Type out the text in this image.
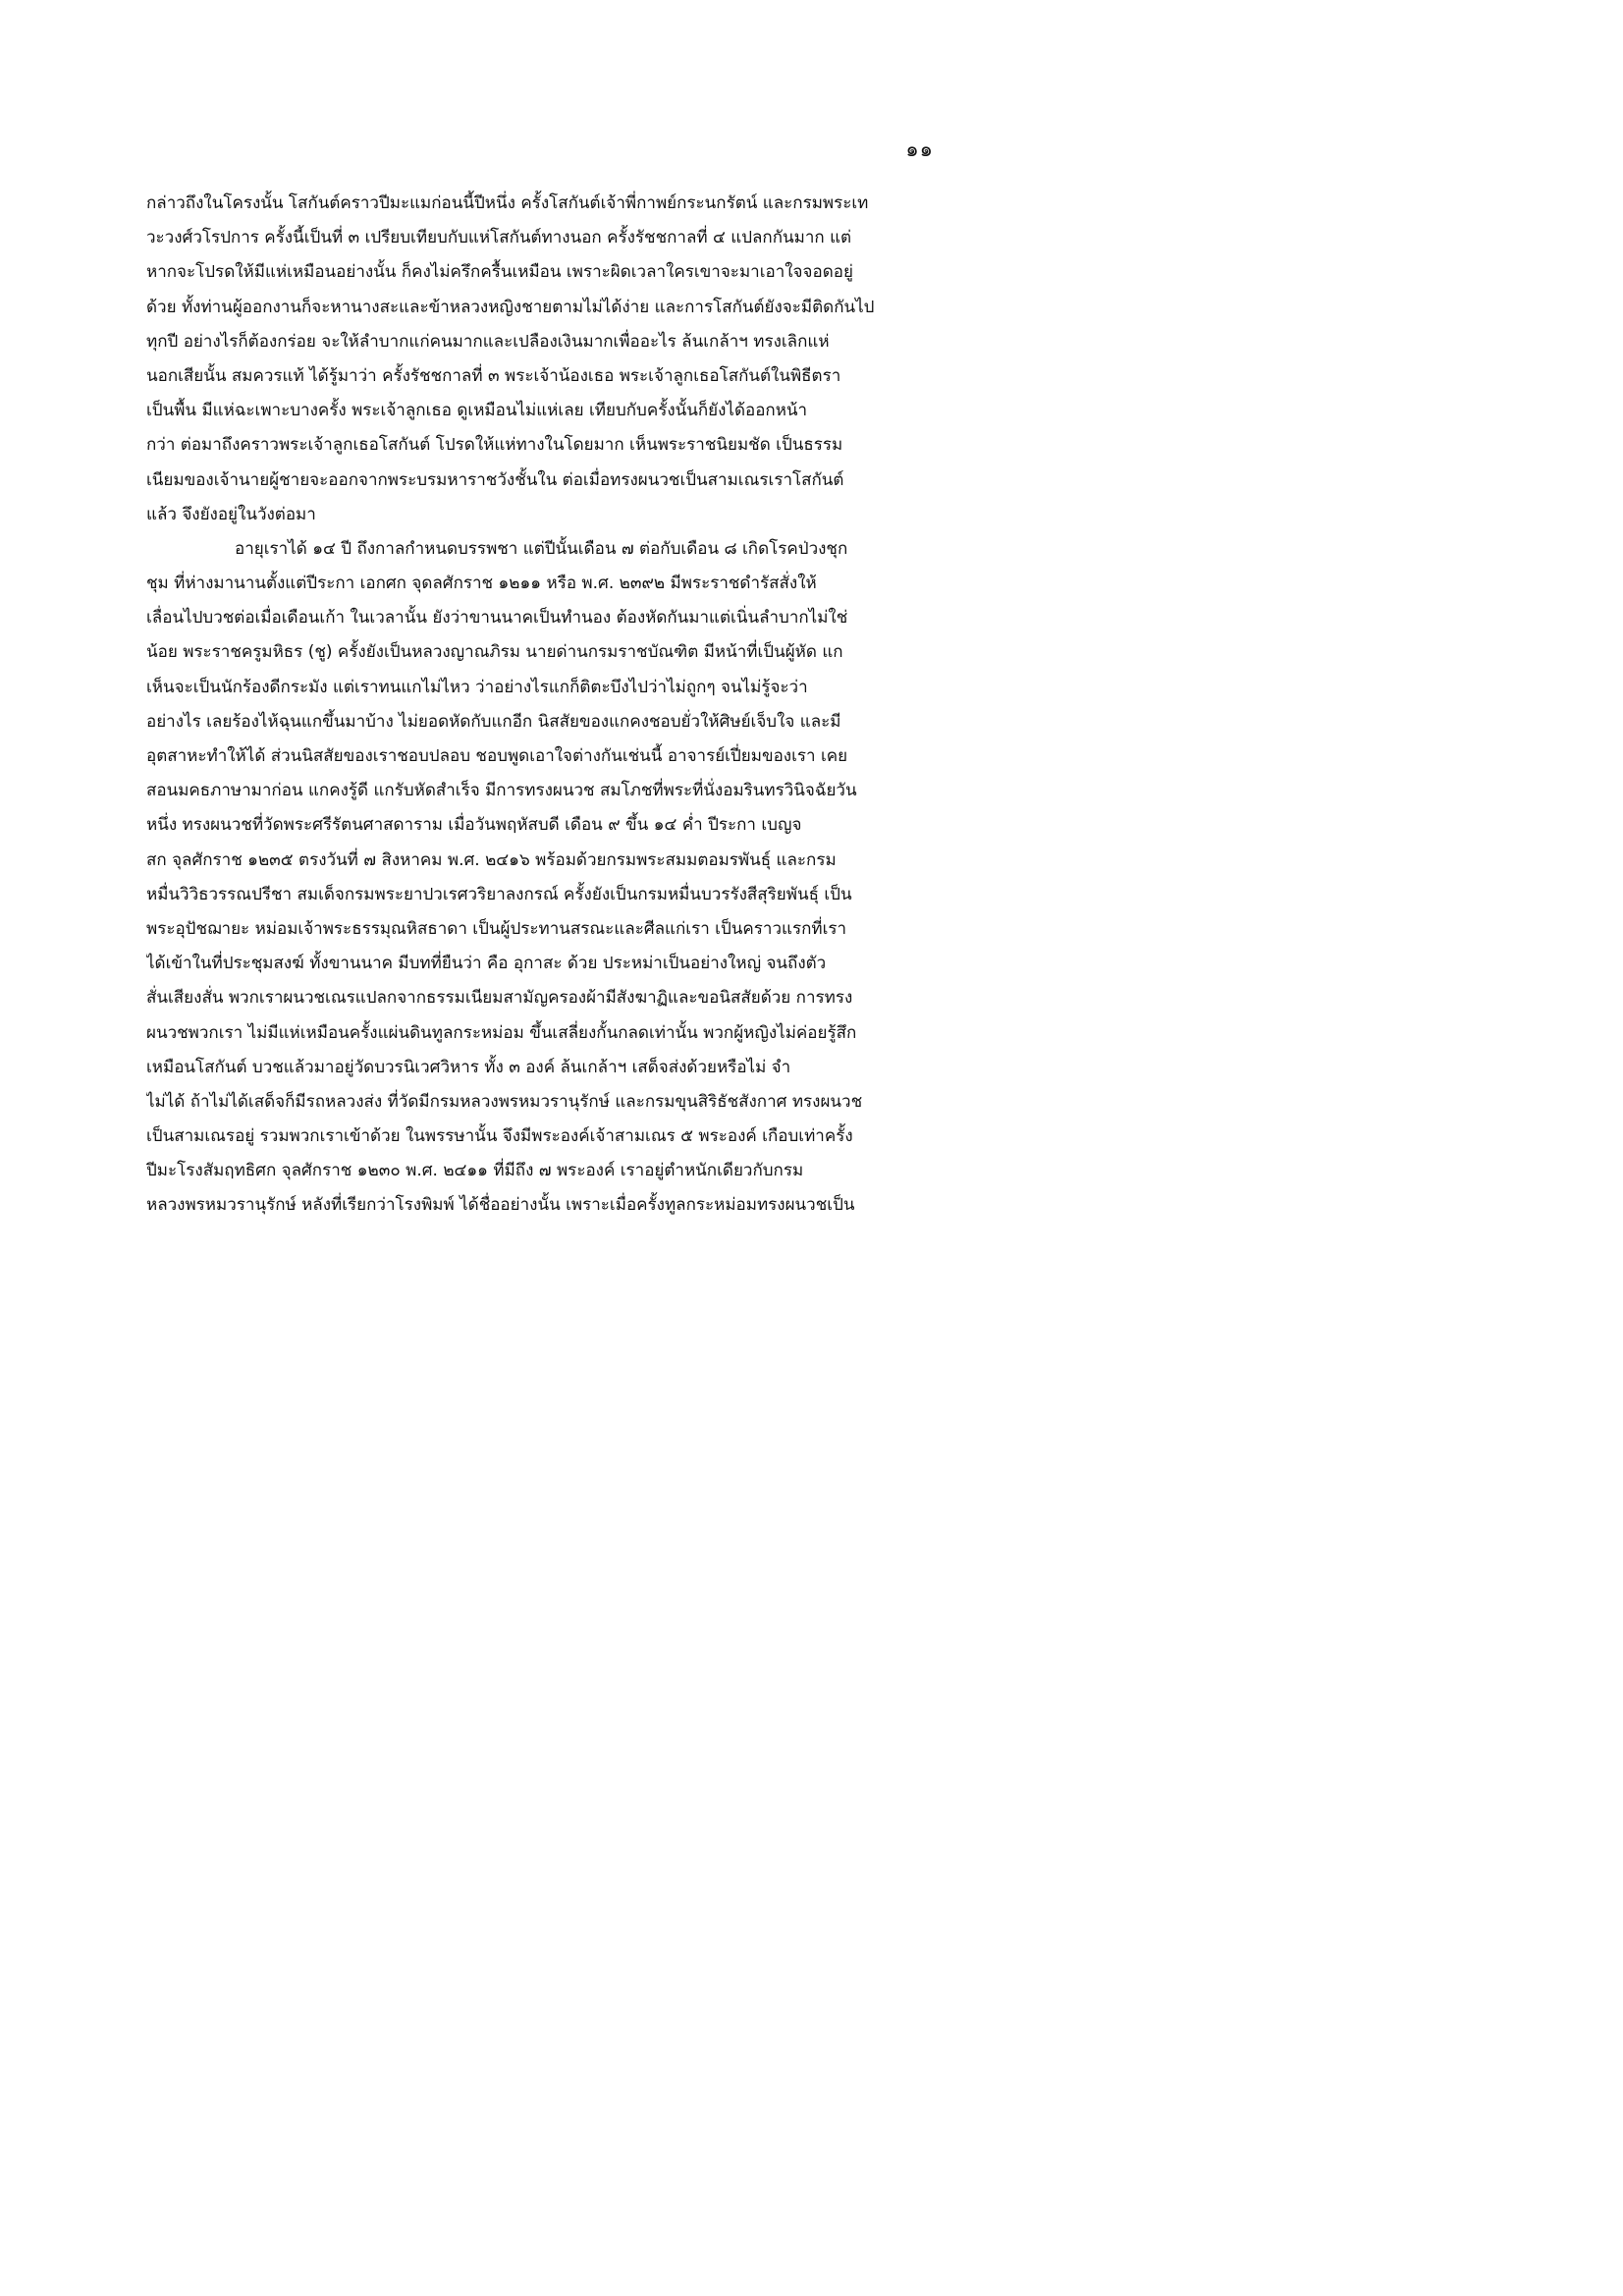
๑๑
กล่าวถึงในโครงนั้น โสกันต์คราวปีมะแมก่อนนี้ปีหนึ่ง ครั้งโสกันต์เจ้าพี่กาพย์กระนกรัตน์ และกรมพระเท
วะวงศ์วโรปการ ครั้งนี้เป็นที่ ๓ เปรียบเทียบกับแห่โสกันต์ทางนอก ครั้งรัชชกาลที่ ๔ แปลกกันมาก แต่
หากจะโปรดให้มีแห่เหมือนอย่างนั้น ก็คงไม่ครึกครื้นเหมือน เพราะผิดเวลาใครเขาจะมาเอาใจจอดอยู่
ด้วย ทั้งท่านผู้ออกงานก็จะหานางสะและข้าหลวงหญิงชายตามไม่ได้ง่าย และการโสกันต์ยังจะมีติดกันไป
ทุกปี อย่างไรก็ต้องกร่อย จะให้ลำบากแก่คนมากและเปลืองเงินมากเพื่ออะไร ล้นเกล้าฯ ทรงเลิกแห่
นอกเสียนั้น สมควรแท้ ได้รู้มาว่า ครั้งรัชชกาลที่ ๓ พระเจ้าน้องเธอ พระเจ้าลูกเธอโสกันต์ในพิธีตรา
เป็นพื้น มีแห่ฉะเพาะบางครั้ง พระเจ้าลูกเธอ ดูเหมือนไม่แห่เลย เทียบกับครั้งนั้นก็ยังได้ออกหน้า
กว่า ต่อมาถึงคราวพระเจ้าลูกเธอโสกันต์ โปรดให้แห่ทางในโดยมาก เห็นพระราชนิยมชัด เป็นธรรม
เนียมของเจ้านายผู้ชายจะออกจากพระบรมหาราชวังชั้นใน ต่อเมื่อทรงผนวชเป็นสามเณรเราโสกันต์
แล้ว จึงยังอยู่ในวังต่อมา
อายุเราได้ ๑๔ ปี ถึงกาลกำหนดบรรพชา แต่ปีนั้นเดือน ๗ ต่อกับเดือน ๘ เกิดโรคป่วงชุก
ชุม ที่ห่างมานานตั้งแต่ปีระกา เอกศก จุดลศักราช ๑๒๑๑ หรือ พ.ศ. ๒๓๙๒ มีพระราชดำรัสสั่งให้
เลื่อนไปบวชต่อเมื่อเดือนเก้า ในเวลานั้น ยังว่าขานนาคเป็นทำนอง ต้องหัดกันมาแต่เนิ่นลำบากไม่ใช่
น้อย พระราชครูมหิธร (ชู) ครั้งยังเป็นหลวงญาณภิรม นายด่านกรมราชบัณฑิต มีหน้าที่เป็นผู้หัด แก
เห็นจะเป็นนักร้องดีกระมัง แต่เราทนแกไม่ไหว ว่าอย่างไรแกก็ติตะบึงไปว่าไม่ถูกๆ จนไม่รู้จะว่า
อย่างไร เลยร้องไห้ฉุนแกขึ้นมาบ้าง ไม่ยอดหัดกับแกอีก นิสสัยของแกคงชอบยั่วให้ศิษย์เจ็บใจ และมี
อุตสาหะทำให้ได้ ส่วนนิสสัยของเราชอบปลอบ ชอบพูดเอาใจต่างกันเช่นนี้ อาจารย์เปี่ยมของเรา เคย
สอนมคธภาษามาก่อน แกคงรู้ดี แกรับหัดสำเร็จ มีการทรงผนวช สมโภชที่พระที่นั่งอมรินทรวินิจฉัยวัน
หนึ่ง ทรงผนวชที่วัดพระศรีรัตนศาสดาราม เมื่อวันพฤหัสบดี เดือน ๙ ขึ้น ๑๔ ค่ำ ปีระกา เบญจ
สก จุลศักราช ๑๒๓๕ ตรงวันที่ ๗ สิงหาคม พ.ศ. ๒๔๑๖ พร้อมด้วยกรมพระสมมตอมรพันธุ์ และกรม
หมื่นวิวิธวรรณปรีชา สมเด็จกรมพระยาปวเรศวริยาลงกรณ์ ครั้งยังเป็นกรมหมื่นบวรรังสีสุริยพันธุ์ เป็น
พระอุปัชฌายะ หม่อมเจ้าพระธรรมุณหิสธาดา เป็นผู้ประทานสรณะและศีลแก่เรา เป็นคราวแรกที่เรา
ได้เข้าในที่ประชุมสงฆ์ ทั้งขานนาค มีบทที่ยืนว่า คือ อุกาสะ ด้วย ประหม่าเป็นอย่างใหญ่ จนถึงตัว
สั่นเสียงสั่น พวกเราผนวชเณรแปลกจากธรรมเนียมสามัญครองผ้ามีสังฆาฏิและขอนิสสัยด้วย การทรง
ผนวชพวกเรา ไม่มีแห่เหมือนครั้งแผ่นดินทูลกระหม่อม ขึ้นเสลี่ยงกั้นกลดเท่านั้น พวกผู้หญิงไม่ค่อยรู้สึก
เหมือนโสกันต์ บวชแล้วมาอยู่วัดบวรนิเวศวิหาร ทั้ง ๓ องค์ ล้นเกล้าฯ เสด็จส่งด้วยหรือไม่ จำ
ไม่ได้ ถ้าไม่ได้เสด็จก็มีรถหลวงส่ง ที่วัดมีกรมหลวงพรหมวรานุรักษ์ และกรมขุนสิริธัชสังกาศ ทรงผนวช
เป็นสามเณรอยู่ รวมพวกเราเข้าด้วย ในพรรษานั้น จึงมีพระองค์เจ้าสามเณร ๕ พระองค์ เกือบเท่าครั้ง
ปีมะโรงสัมฤทธิศก จุลศักราช ๑๒๓๐ พ.ศ. ๒๔๑๑ ที่มีถึง ๗ พระองค์ เราอยู่ตำหนักเดียวกับกรม
หลวงพรหมวรานุรักษ์ หลังที่เรียกว่าโรงพิมพ์ ได้ชื่ออย่างนั้น เพราะเมื่อครั้งทูลกระหม่อมทรงผนวชเป็น
